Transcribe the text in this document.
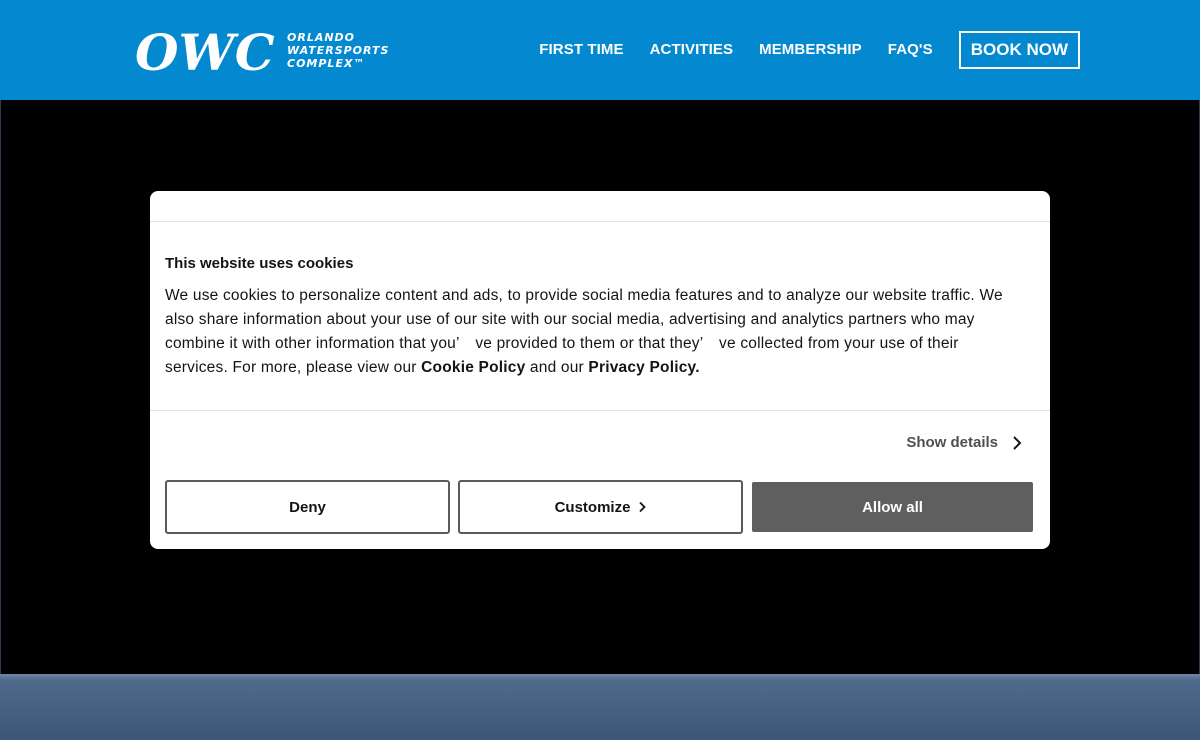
OWC ORLANDO
WATERSPORTS
COMPLEX™
FIRST TIME ACTIVITIES MEMBERSHIP FAQ'S	BOOK NOW
This website uses cookies
We use cookies to personalize content and ads, to provide social media features and to analyze our website traffic. We also share information about your use of our site with our social media, advertising and analytics partners who may combine it with other information that you’ ve provided to them or that they’ ve collected from your use of their services. For more, please view our Cookie Policy and our Privacy Policy.
Show details
Deny	Customize	Allow all
